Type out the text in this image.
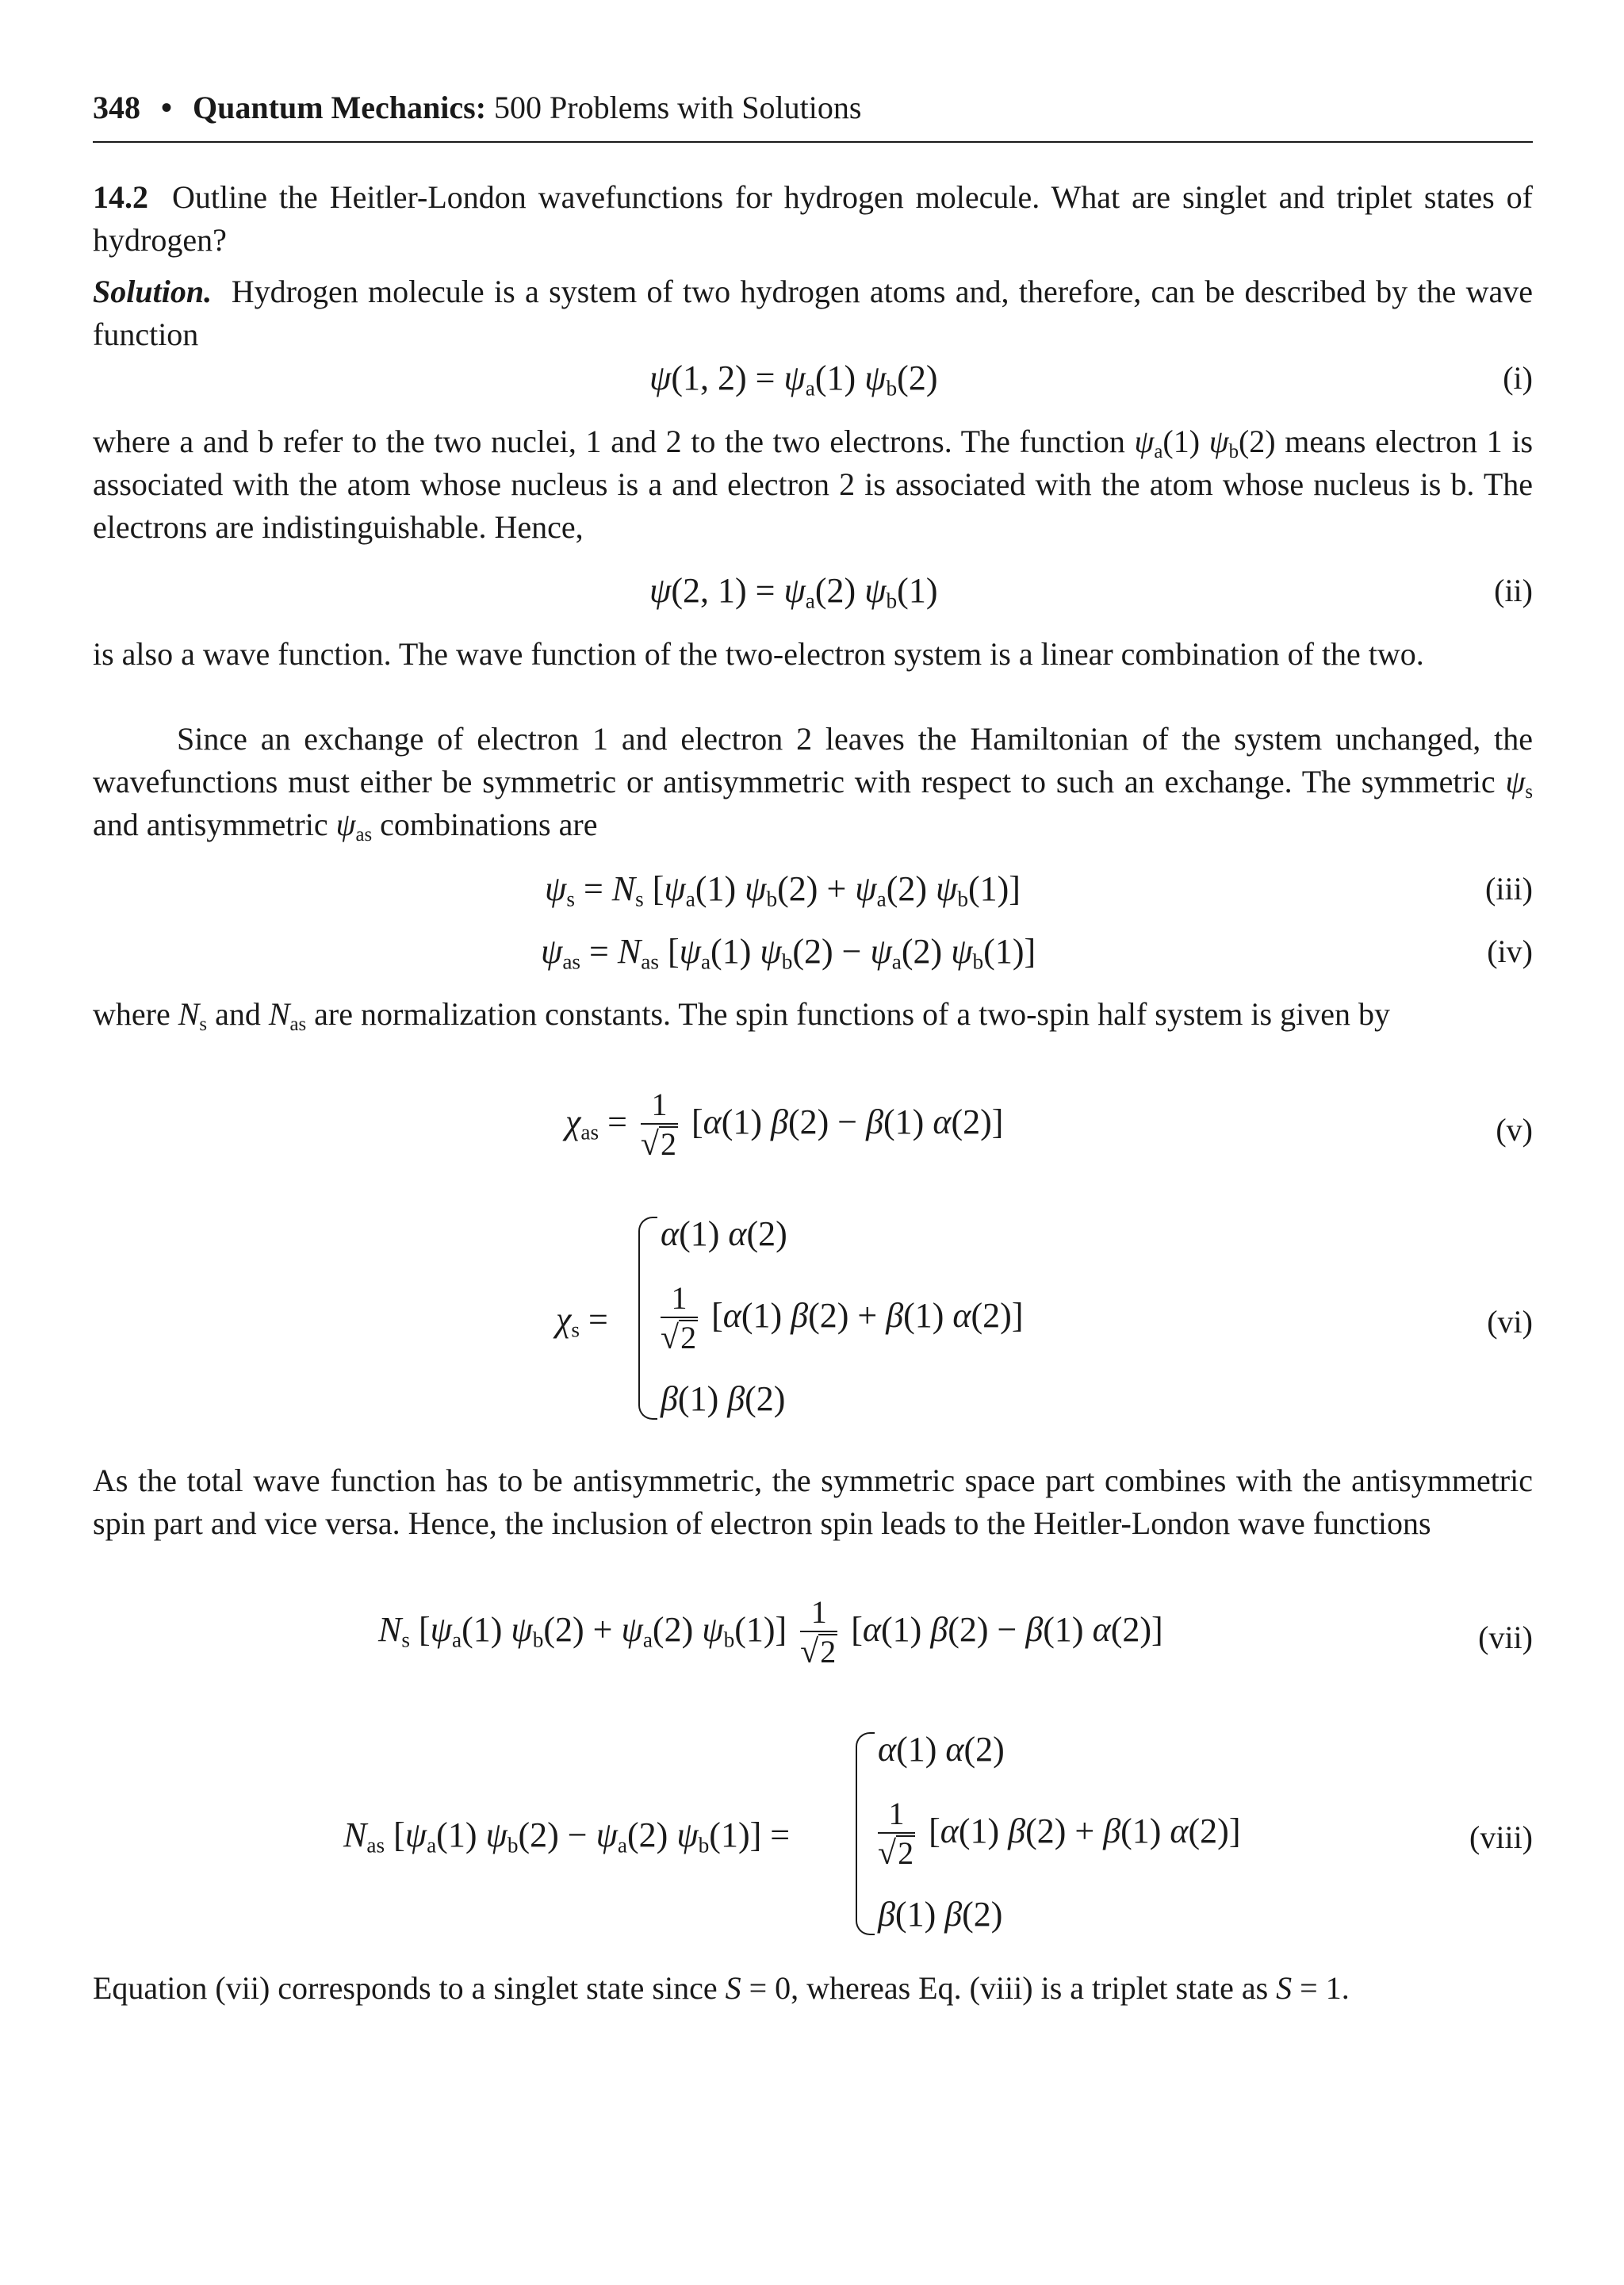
348 • Quantum Mechanics: 500 Problems with Solutions
14.2 Outline the Heitler-London wavefunctions for hydrogen molecule. What are singlet and triplet states of hydrogen?
Solution. Hydrogen molecule is a system of two hydrogen atoms and, therefore, can be described by the wave function
ψ(1, $2) = \psi_a(1)$ $\psi_b(2)$	(i)
where a and b refer to the two nuclei, 1 and 2 to the two electrons. The function $\psi_a(1)$ $\psi_b(2)$ means electron 1 is associated with the atom whose nucleus is a and electron 2 is associated with the atom whose nucleus is b. The electrons are indistinguishable. Hence,
ψ(2, $1) = \psi_a(2)$ $\psi_b(1)$	(ii)
is also a wave function. The wave function of the two-electron system is a linear combination of the two.
Since an exchange of electron 1 and electron 2 leaves the Hamiltonian of the system unchanged, the wavefunctions must either be symmetric or antisymmetric with respect to such an exchange. The symmetric $\psi_s$ and antisymmetric $\psi_{as}$ combinations are
$\psi_s = N_s$ [$\psi_a(1) \psi_b(2) + \psi_a(2)$ $\psi_b(1)$]	(iii)
$\psi_{as} = N_{as}$ [$\psi_a(1) \psi_b(2) - \psi_a(2)$ $\psi_b(1)$]	(iv)
where $N_s$ and $N_{as}$ are normalization constants. The spin functions of a two-spin half system is given by
$\chi_{as} = \frac{1}{√2} [\alpha(1) \beta(2) - \beta(1)$ α(2)]	(v)
$\chi_s$ =
α(1) α(2)
$\frac{1}{√2} [\alpha(1) \beta(2) + \beta(1)$ α(2)]
β(1) β(2)
(vi)
As the total wave function has to be antisymmetric, the symmetric space part combines with the antisymmetric spin part and vice versa. Hence, the inclusion of electron spin leads to the Heitler-London wave functions
$N_s$ [$\psi_a(1) \psi_b(2) + \psi_a(2)$ $\psi_b(1)] \frac{1}{√2} [\alpha(1) \beta(2) - \beta(1)$ α(2)]	(vii)
$N_{as}$ $[\psi_a(1) \psi_b(2) - \psi_a(2) \psi_b(1)]$ =
α(1) α(2)
$\frac{1}{√2} [\alpha(1) \beta(2) + \beta(1)$ α(2)]
β(1) β(2)
(viii)
Equation (vii) corresponds to a singlet state since S = 0, whereas Eq. (viii) is a triplet state as S = 1.
